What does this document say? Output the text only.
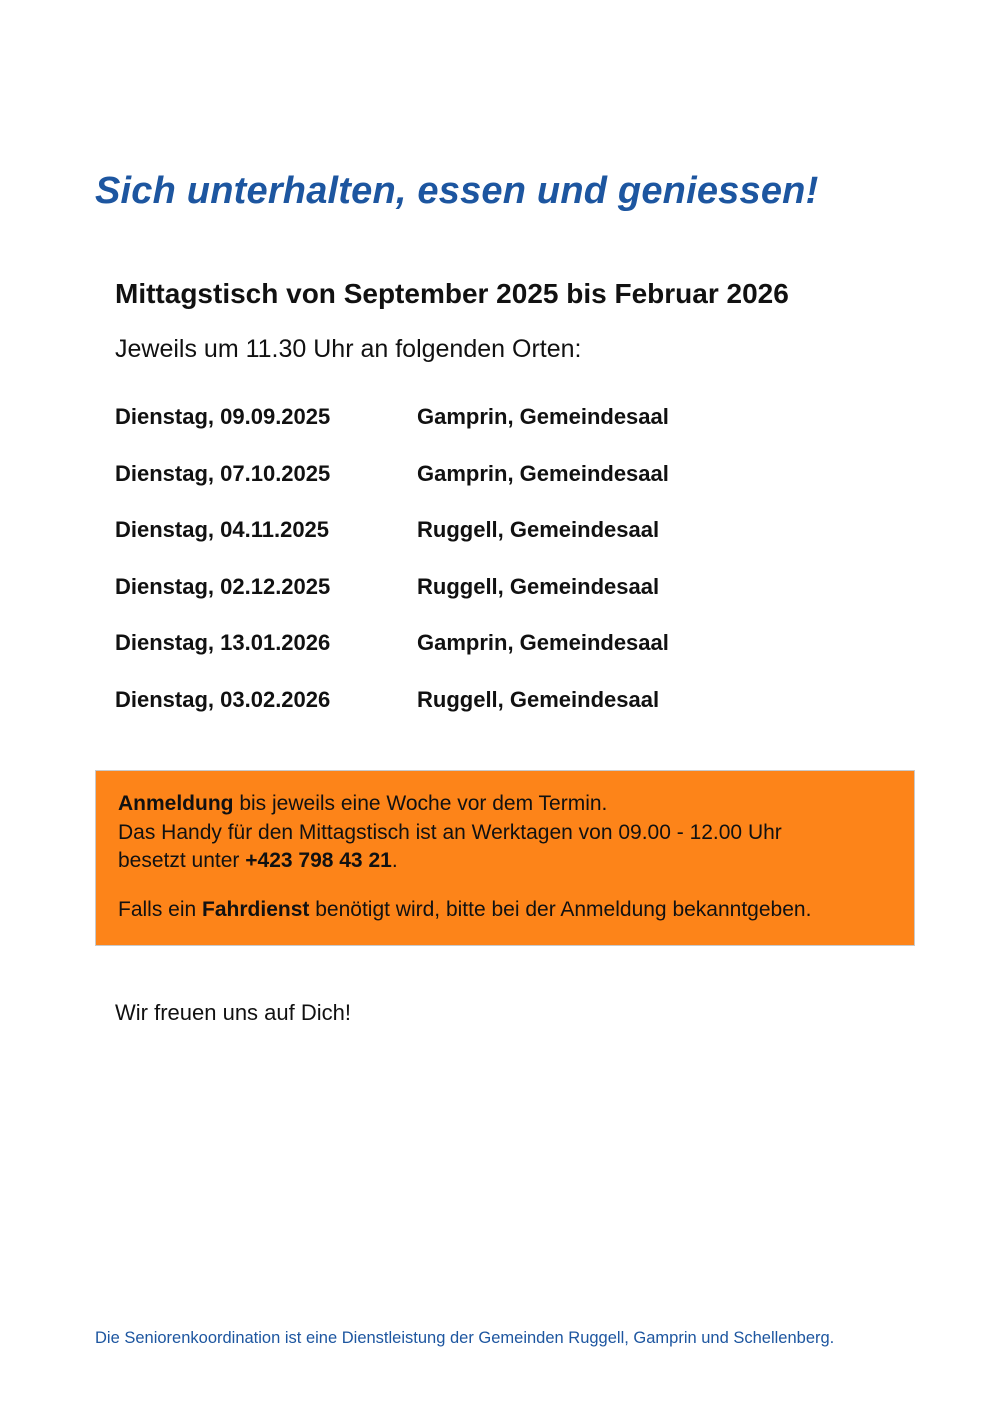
Sich unterhalten, essen und geniessen!
Mittagstisch von September 2025 bis Februar 2026

Jeweils um 11.30 Uhr an folgenden Orten:

Dienstag, 09.09.2025	Gamprin, Gemeindesaal
Dienstag, 07.10.2025	Gamprin, Gemeindesaal
Dienstag, 04.11.2025	Ruggell, Gemeindesaal
Dienstag, 02.12.2025	Ruggell, Gemeindesaal
Dienstag, 13.01.2026	Gamprin, Gemeindesaal
Dienstag, 03.02.2026	Ruggell, Gemeindesaal

Anmeldung bis jeweils eine Woche vor dem Termin.
Das Handy für den Mittagstisch ist an Werktagen von 09.00 - 12.00 Uhr
besetzt unter +423 798 43 21.

Falls ein Fahrdienst benötigt wird, bitte bei der Anmeldung bekanntgeben.

Wir freuen uns auf Dich!

Die Seniorenkoordination ist eine Dienstleistung der Gemeinden Ruggell, Gamprin und Schellenberg.
